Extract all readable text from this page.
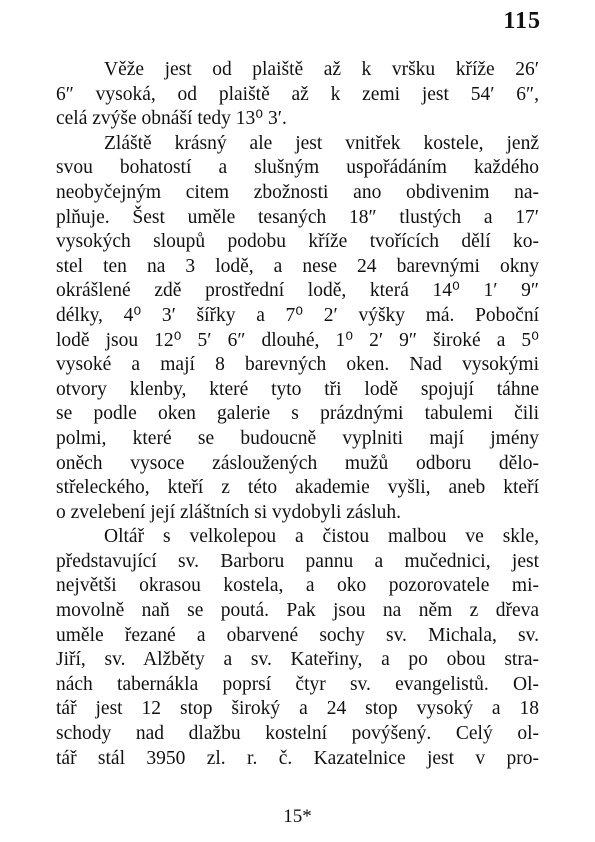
115
Věže jest od plaiště až k vršku kříže 26′
6″ vysoká, od plaiště až k zemi jest 54′ 6″,
celá zvýše obnáší tedy 13⁰ 3′.
Zláště krásný ale jest vnitřek kostele, jenž
svou bohatostí a slušným uspořádáním každého
neobyčejným citem zbožnosti ano obdivenim na-
plňuje. Šest uměle tesaných 18″ tlustých a 17′
vysokých sloupů podobu kříže tvořících dělí ko-
stel ten na 3 lodě, a nese 24 barevnými okny
okrášlené zdě prostřední lodě, která 14⁰ 1′ 9″
délky, 4⁰ 3′ šířky a 7⁰ 2′ výšky má. Poboční
lodě jsou 12⁰ 5′ 6″ dlouhé, 1⁰ 2′ 9″ široké a 5⁰
vysoké a mají 8 barevných oken. Nad vysokými
otvory klenby, které tyto tři lodě spojují táhne
se podle oken galerie s prázdnými tabulemi čili
polmi, které se budoucně vyplniti mají jmény
oněch vysoce zásloužených mužů odboru dělo-
střeleckého, kteří z této akademie vyšli, aneb kteří
o zvelebení její zláštních si vydobyli zásluh.
Oltář s velkolepou a čistou malbou ve skle,
představující sv. Barboru pannu a mučednici, jest
největši okrasou kostela, a oko pozorovatele mi-
movolně naň se poutá. Pak jsou na něm z dřeva
uměle řezané a obarvené sochy sv. Michala, sv.
Jiří, sv. Alžběty a sv. Kateřiny, a po obou stra-
nách tabernákla poprsí čtyr sv. evangelistů. Ol-
tář jest 12 stop široký a 24 stop vysoký a 18
schody nad dlažbu kostelní povýšený. Celý ol-
tář stál 3950 zl. r. č. Kazatelnice jest v pro-
15*
